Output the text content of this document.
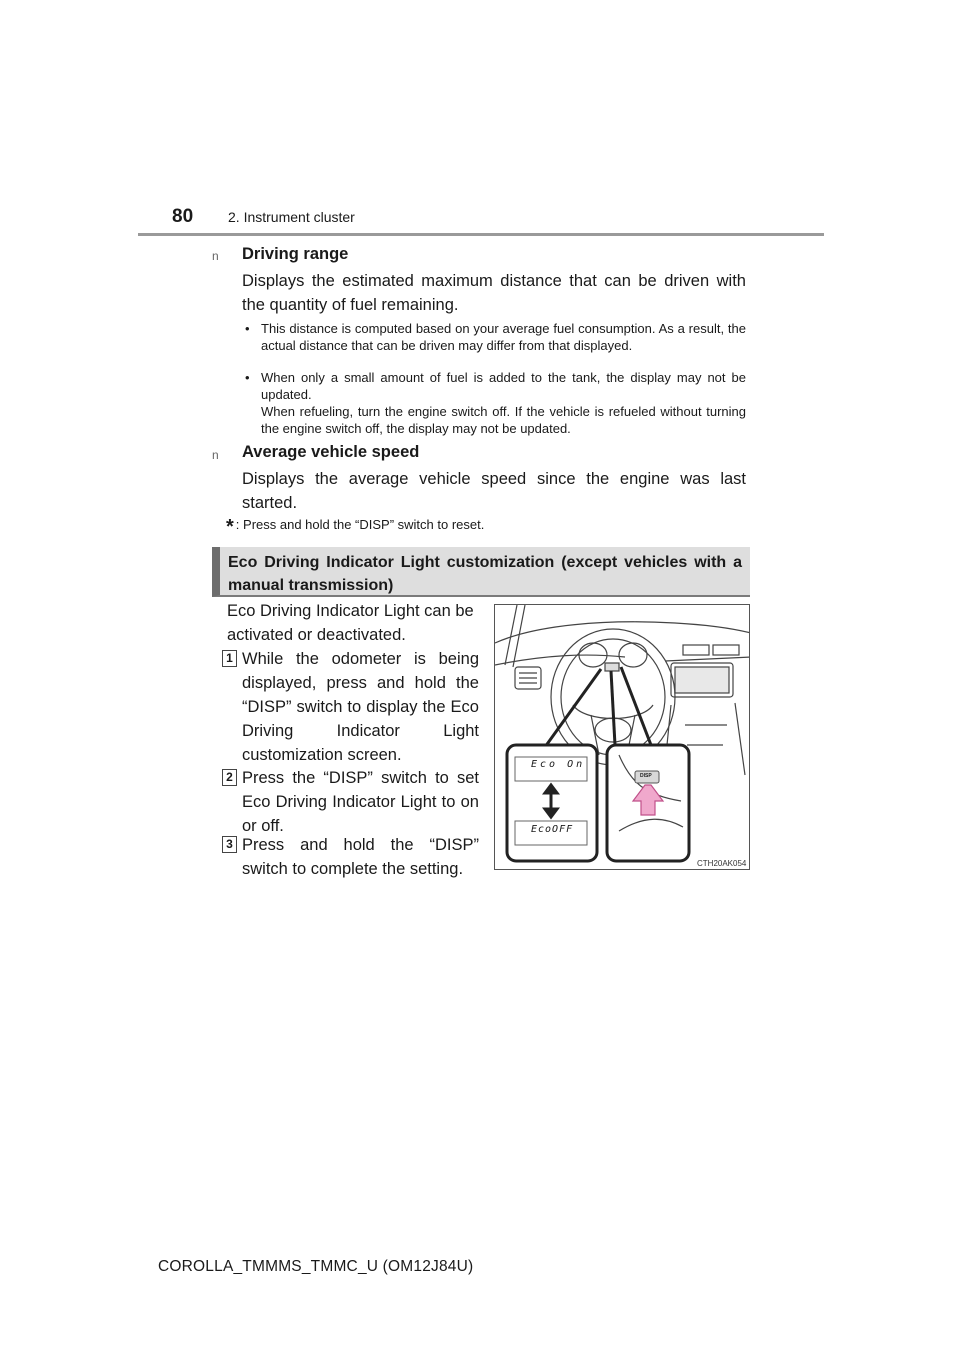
80 2. Instrument cluster
n Driving range
Displays the estimated maximum distance that can be driven with the quantity of fuel remaining.
• This distance is computed based on your average fuel consumption. As a result, the actual distance that can be driven may differ from that displayed.
• When only a small amount of fuel is added to the tank, the display may not be updated.
When refueling, turn the engine switch off. If the vehicle is refueled without turning the engine switch off, the display may not be updated.
n Average vehicle speed
Displays the average vehicle speed since the engine was last started.
* : Press and hold the “DISP” switch to reset.
Eco Driving Indicator Light customization (except vehicles with a manual transmission)
Eco Driving Indicator Light can be activated or deactivated.
1 While the odometer is being displayed, press and hold the “DISP” switch to display the Eco Driving Indicator Light customization screen.
2 Press the “DISP” switch to set Eco Driving Indicator Light to on or off.
3 Press and hold the “DISP” switch to complete the setting.
Eco On
EcoOFF
DISP
CTH20AK054
COROLLA_TMMMS_TMMC_U (OM12J84U)
